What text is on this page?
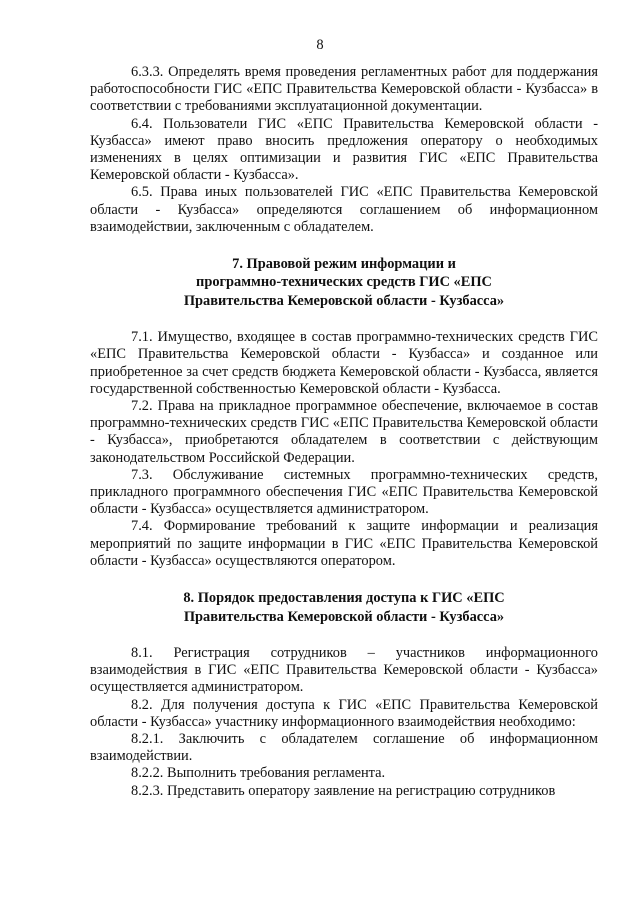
8

6.3.3. Определять время проведения регламентных работ для поддержания работоспособности ГИС «ЕПС Правительства Кемеровской области - Кузбасса» в соответствии с требованиями эксплуатационной документации.

6.4. Пользователи ГИС «ЕПС Правительства Кемеровской области - Кузбасса» имеют право вносить предложения оператору о необходимых изменениях в целях оптимизации и развития ГИС «ЕПС Правительства Кемеровской области - Кузбасса».

6.5. Права иных пользователей ГИС «ЕПС Правительства Кемеровской области - Кузбасса» определяются соглашением об информационном взаимодействии, заключенным с обладателем.

7. Правовой режим информации и
программно-технических средств ГИС «ЕПС
Правительства Кемеровской области - Кузбасса»

7.1. Имущество, входящее в состав программно-технических средств ГИС «ЕПС Правительства Кемеровской области - Кузбасса» и созданное или приобретенное за счет средств бюджета Кемеровской области - Кузбасса, является государственной собственностью Кемеровской области - Кузбасса.

7.2. Права на прикладное программное обеспечение, включаемое в состав программно-технических средств ГИС «ЕПС Правительства Кемеровской области - Кузбасса», приобретаются обладателем в соответствии с действующим законодательством Российской Федерации.

7.3. Обслуживание системных программно-технических средств, прикладного программного обеспечения ГИС «ЕПС Правительства Кемеровской области - Кузбасса» осуществляется администратором.

7.4. Формирование требований к защите информации и реализация мероприятий по защите информации в ГИС «ЕПС Правительства Кемеровской области - Кузбасса» осуществляются оператором.

8. Порядок предоставления доступа к ГИС «ЕПС
Правительства Кемеровской области - Кузбасса»

8.1. Регистрация сотрудников – участников информационного взаимодействия в ГИС «ЕПС Правительства Кемеровской области - Кузбасса» осуществляется администратором.

8.2. Для получения доступа к ГИС «ЕПС Правительства Кемеровской области - Кузбасса» участнику информационного взаимодействия необходимо:

8.2.1. Заключить с обладателем соглашение об информационном взаимодействии.

8.2.2. Выполнить требования регламента.

8.2.3. Представить оператору заявление на регистрацию сотрудников
